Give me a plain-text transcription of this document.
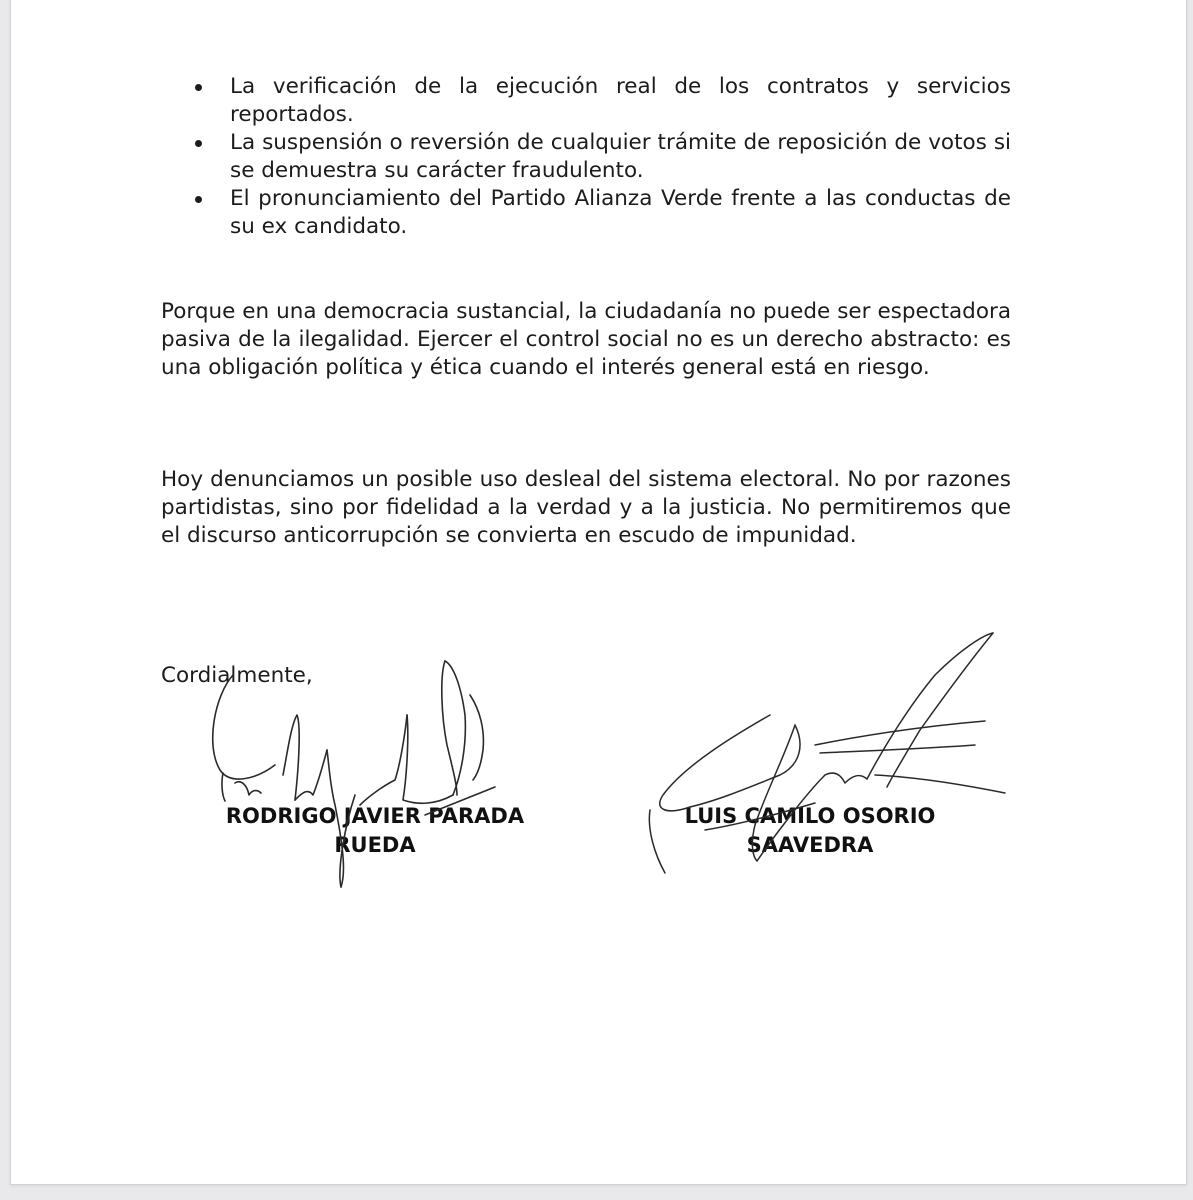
La verificación de la ejecución real de los contratos y servicios reportados.
La suspensión o reversión de cualquier trámite de reposición de votos si se demuestra su carácter fraudulento.
El pronunciamiento del Partido Alianza Verde frente a las conductas de su ex candidato.

Porque en una democracia sustancial, la ciudadanía no puede ser espectadora pasiva de la ilegalidad. Ejercer el control social no es un derecho abstracto: es una obligación política y ética cuando el interés general está en riesgo.

Hoy denunciamos un posible uso desleal del sistema electoral. No por razones partidistas, sino por fidelidad a la verdad y a la justicia. No permitiremos que el discurso anticorrupción se convierta en escudo de impunidad.

Cordialmente,

RODRIGO JAVIER PARADA
RUEDA
LUIS CAMILO OSORIO
SAAVEDRA
